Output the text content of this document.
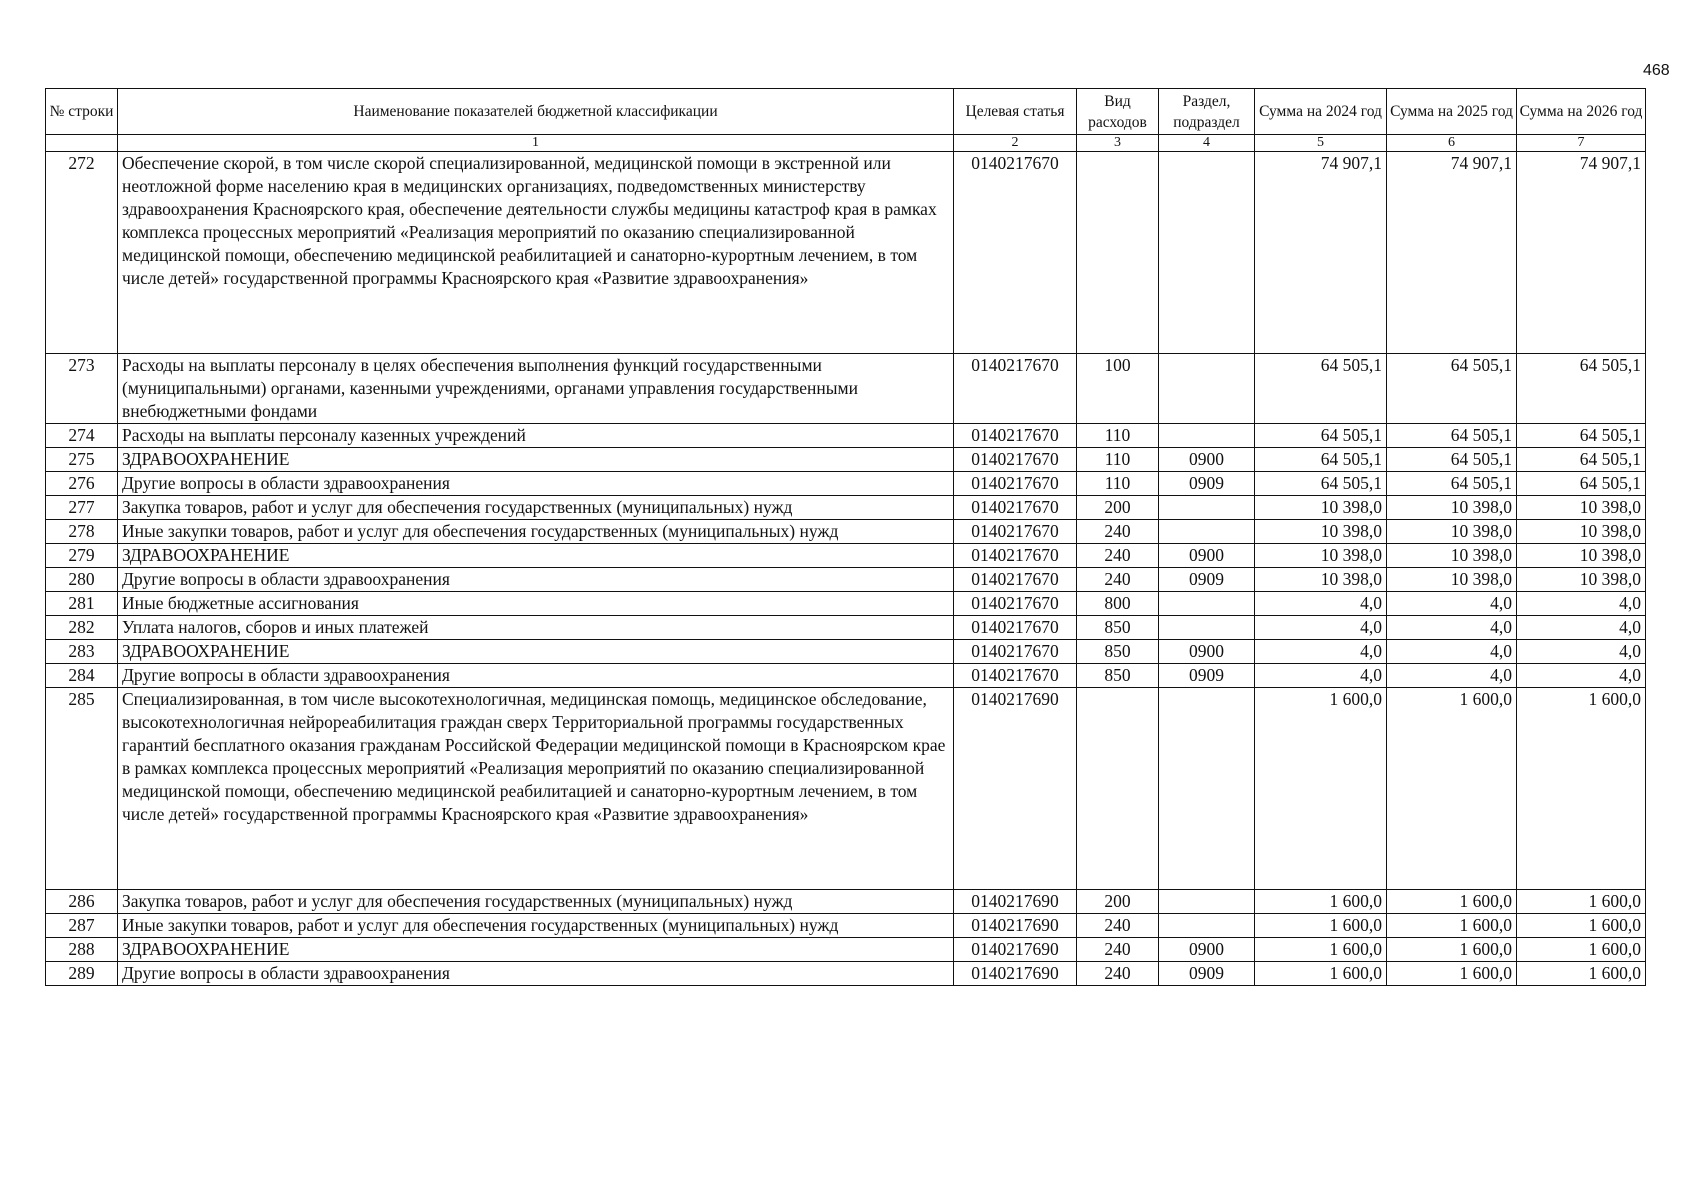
468
№ строки	Наименование показателей бюджетной классификации	Целевая статья	Вид расходов	Раздел, подраздел	Сумма на 2024 год	Сумма на 2025 год	Сумма на 2026 год
	1	2	3	4	5	6	7
272	Обеспечение скорой, в том числе скорой специализированной, медицинской помощи в экстренной или неотложной форме населению края в медицинских организациях, подведомственных министерству здравоохранения Красноярского края, обеспечение деятельности службы медицины катастроф края в рамках комплекса процессных мероприятий «Реализация мероприятий по оказанию специализированной медицинской помощи, обеспечению медицинской реабилитацией и санаторно-курортным лечением, в том числе детей» государственной программы Красноярского края «Развитие здравоохранения»	0140217670			74 907,1	74 907,1	74 907,1
273	Расходы на выплаты персоналу в целях обеспечения выполнения функций государственными (муниципальными) органами, казенными учреждениями, органами управления государственными внебюджетными фондами	0140217670	100		64 505,1	64 505,1	64 505,1
274	Расходы на выплаты персоналу казенных учреждений	0140217670	110		64 505,1	64 505,1	64 505,1
275	ЗДРАВООХРАНЕНИЕ	0140217670	110	0900	64 505,1	64 505,1	64 505,1
276	Другие вопросы в области здравоохранения	0140217670	110	0909	64 505,1	64 505,1	64 505,1
277	Закупка товаров, работ и услуг для обеспечения государственных (муниципальных) нужд	0140217670	200		10 398,0	10 398,0	10 398,0
278	Иные закупки товаров, работ и услуг для обеспечения государственных (муниципальных) нужд	0140217670	240		10 398,0	10 398,0	10 398,0
279	ЗДРАВООХРАНЕНИЕ	0140217670	240	0900	10 398,0	10 398,0	10 398,0
280	Другие вопросы в области здравоохранения	0140217670	240	0909	10 398,0	10 398,0	10 398,0
281	Иные бюджетные ассигнования	0140217670	800		4,0	4,0	4,0
282	Уплата налогов, сборов и иных платежей	0140217670	850		4,0	4,0	4,0
283	ЗДРАВООХРАНЕНИЕ	0140217670	850	0900	4,0	4,0	4,0
284	Другие вопросы в области здравоохранения	0140217670	850	0909	4,0	4,0	4,0
285	Специализированная, в том числе высокотехнологичная, медицинская помощь, медицинское обследование, высокотехнологичная нейрореабилитация граждан сверх Территориальной программы государственных гарантий бесплатного оказания гражданам Российской Федерации медицинской помощи в Красноярском крае в рамках комплекса процессных мероприятий «Реализация мероприятий по оказанию специализированной медицинской помощи, обеспечению медицинской реабилитацией и санаторно-курортным лечением, в том числе детей» государственной программы Красноярского края «Развитие здравоохранения»	0140217690			1 600,0	1 600,0	1 600,0
286	Закупка товаров, работ и услуг для обеспечения государственных (муниципальных) нужд	0140217690	200		1 600,0	1 600,0	1 600,0
287	Иные закупки товаров, работ и услуг для обеспечения государственных (муниципальных) нужд	0140217690	240		1 600,0	1 600,0	1 600,0
288	ЗДРАВООХРАНЕНИЕ	0140217690	240	0900	1 600,0	1 600,0	1 600,0
289	Другие вопросы в области здравоохранения	0140217690	240	0909	1 600,0	1 600,0	1 600,0
